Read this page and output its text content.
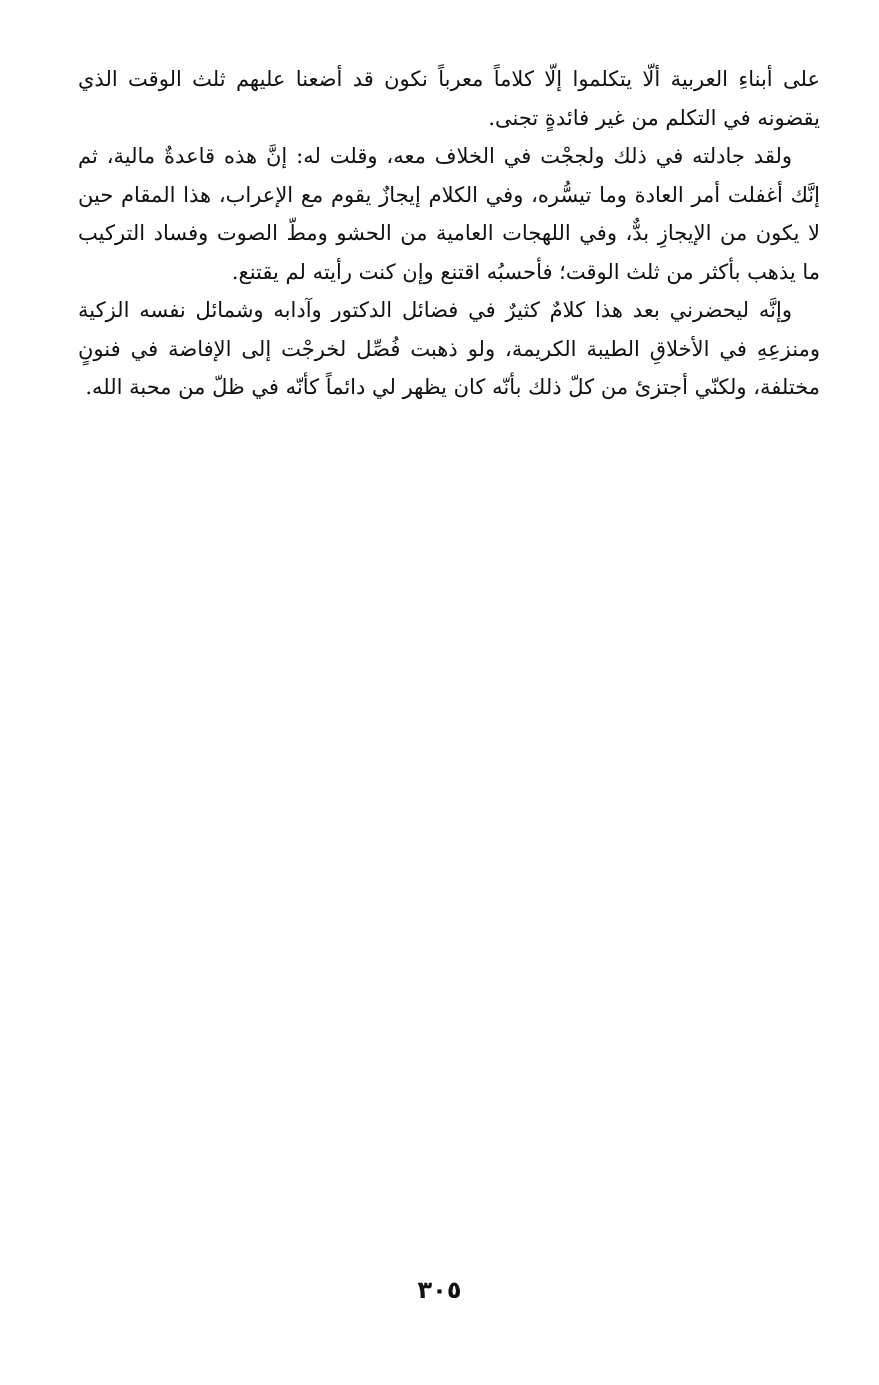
على أبناءِ العربية ألّا يتكلموا إلّا كلاماً معرباً نكون قد أضعنا عليهم ثلث الوقت الذي يقضونه في التكلم من غير فائدةٍ تجنى.

ولقد جادلته في ذلك ولججْت في الخلاف معه، وقلت له: إنَّ هذه قاعدةٌ مالية، ثم إنَّك أغفلت أمر العادة وما تيسُّره، وفي الكلام إيجازٌ يقوم مع الإعراب، هذا المقام حين لا يكون من الإيجازِ بدٌّ، وفي اللهجات العامية من الحشو ومطّ الصوت وفساد التركيب ما يذهب بأكثر من ثلث الوقت؛ فأحسبُه اقتنع وإن كنت رأيته لم يقتنع.

وإنَّه ليحضرني بعد هذا كلامٌ كثيرٌ في فضائل الدكتور وآدابه وشمائل نفسه الزكية ومنزعِهِ في الأخلاقِ الطيبة الكريمة، ولو ذهبت فُصِّل لخرجْت إلى الإفاضة في فنونٍ مختلفة، ولكنّي أجتزئ من كلّ ذلك بأنّه كان يظهر لي دائماً كأنّه في ظلّ من محبة الله.

٣٠٥
